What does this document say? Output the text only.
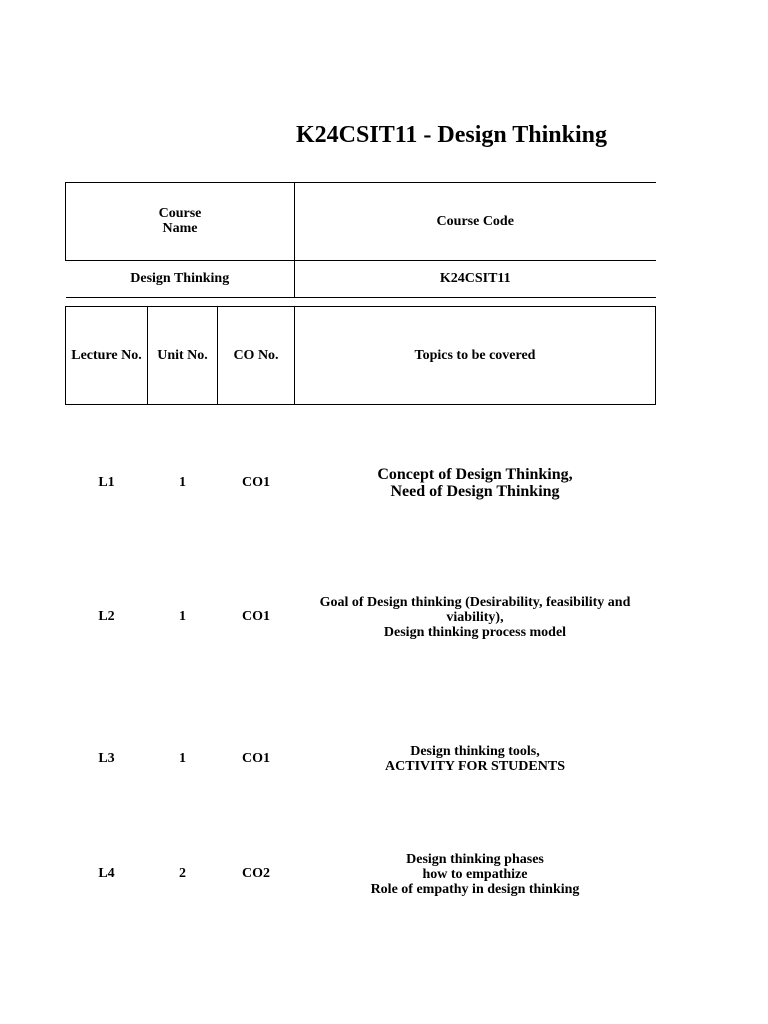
K24CSIT11 - Design Thinking
Course
Name	Course Code
Design Thinking	K24CSIT11
Lecture No.	Unit No.	CO No.	Topics to be covered
L1	1	CO1	Concept of Design Thinking,
Need of Design Thinking

L2	1	CO1	Goal of Design thinking (Desirability, feasibility and
viability),
Design thinking process model

L3	1	CO1	Design thinking tools,
ACTIVITY FOR STUDENTS

L4	2	CO2	Design thinking phases
how to empathize
Role of empathy in design thinking
